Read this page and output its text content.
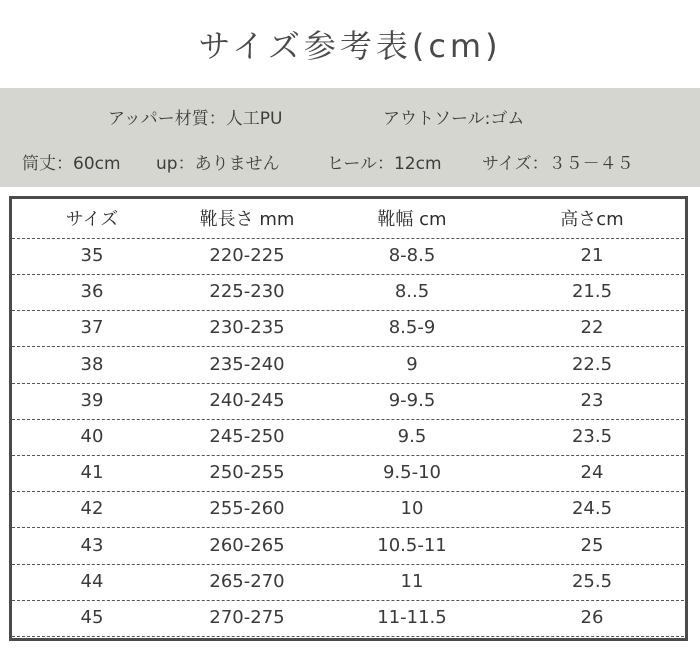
サイズ参考表(cm)
アッパー材質：人工PU	アウトソール:ゴム
筒丈：60cm up：ありません	ヒール：12cm サイズ：３５－４５
サイズ	靴長さ mm	靴幅 cm	高さcm
35	220-225	8-8.5	21
36	225-230	8..5	21.5
37	230-235	8.5-9	22
38	235-240	9	22.5
39	240-245	9-9.5	23
40	245-250	9.5	23.5
41	250-255	9.5-10	24
42	255-260	10	24.5
43	260-265	10.5-11	25
44	265-270	11	25.5
45	270-275	11-11.5	26
